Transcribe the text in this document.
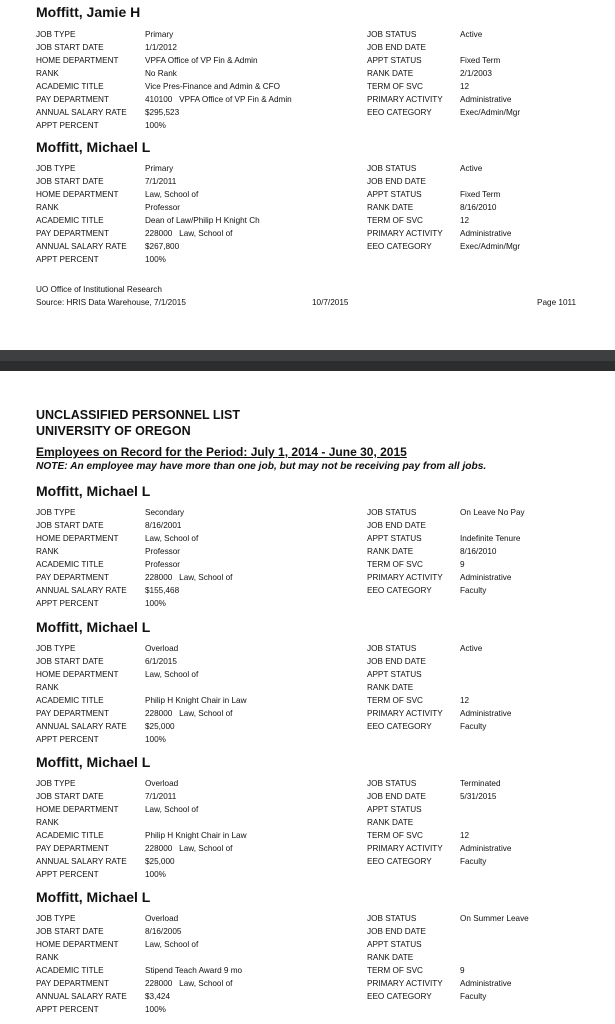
Moffitt, Jamie H
JOB TYPE	Primary	JOB STATUS	Active
JOB START DATE	1/1/2012	JOB END DATE
HOME DEPARTMENT	VPFA Office of VP Fin & Admin	APPT STATUS	Fixed Term
RANK	No Rank	RANK DATE	2/1/2003
ACADEMIC TITLE	Vice Pres-Finance and Admin & CFO	TERM OF SVC	12
PAY DEPARTMENT	410100   VPFA Office of VP Fin & Admin	PRIMARY ACTIVITY Administrative
ANNUAL SALARY RATE $295,523	EEO CATEGORY	Exec/Admin/Mgr
APPT PERCENT	100%
Moffitt, Michael L
JOB TYPE	Primary	JOB STATUS	Active
JOB START DATE	7/1/2011	JOB END DATE
HOME DEPARTMENT	Law, School of	APPT STATUS	Fixed Term
RANK	Professor	RANK DATE	8/16/2010
ACADEMIC TITLE	Dean of Law/Philip H Knight Ch	TERM OF SVC	12
PAY DEPARTMENT	228000   Law, School of	PRIMARY ACTIVITY Administrative
ANNUAL SALARY RATE $267,800	EEO CATEGORY	Exec/Admin/Mgr
APPT PERCENT	100%
UO Office of Institutional Research
Source: HRIS Data Warehouse, 7/1/2015	10/7/2015	Page 1011
UNCLASSIFIED PERSONNEL LIST
UNIVERSITY OF OREGON
Employees on Record for the Period: July 1, 2014 - June 30, 2015
NOTE: An employee may have more than one job, but may not be receiving pay from all jobs.
Moffitt, Michael L
JOB TYPE	Secondary	JOB STATUS	On Leave No Pay
JOB START DATE	8/16/2001	JOB END DATE
HOME DEPARTMENT	Law, School of	APPT STATUS	Indefinite Tenure
RANK	Professor	RANK DATE	8/16/2010
ACADEMIC TITLE	Professor	TERM OF SVC	9
PAY DEPARTMENT	228000   Law, School of	PRIMARY ACTIVITY Administrative
ANNUAL SALARY RATE $155,468	EEO CATEGORY	Faculty
APPT PERCENT	100%
Moffitt, Michael L
JOB TYPE	Overload	JOB STATUS	Active
JOB START DATE	6/1/2015	JOB END DATE
HOME DEPARTMENT	Law, School of	APPT STATUS
RANK	RANK DATE
ACADEMIC TITLE	Philip H Knight Chair in Law	TERM OF SVC	12
PAY DEPARTMENT	228000   Law, School of	PRIMARY ACTIVITY Administrative
ANNUAL SALARY RATE $25,000	EEO CATEGORY	Faculty
APPT PERCENT	100%
Moffitt, Michael L
JOB TYPE	Overload	JOB STATUS	Terminated
JOB START DATE	7/1/2011	JOB END DATE	5/31/2015
HOME DEPARTMENT	Law, School of	APPT STATUS
RANK	RANK DATE
ACADEMIC TITLE	Philip H Knight Chair in Law	TERM OF SVC	12
PAY DEPARTMENT	228000   Law, School of	PRIMARY ACTIVITY Administrative
ANNUAL SALARY RATE $25,000	EEO CATEGORY	Faculty
APPT PERCENT	100%
Moffitt, Michael L
JOB TYPE	Overload	JOB STATUS	On Summer Leave
JOB START DATE	8/16/2005	JOB END DATE
HOME DEPARTMENT	Law, School of	APPT STATUS
RANK	RANK DATE
ACADEMIC TITLE	Stipend Teach Award 9 mo	TERM OF SVC	9
PAY DEPARTMENT	228000   Law, School of	PRIMARY ACTIVITY Administrative
ANNUAL SALARY RATE $3,424	EEO CATEGORY	Faculty
APPT PERCENT	100%
